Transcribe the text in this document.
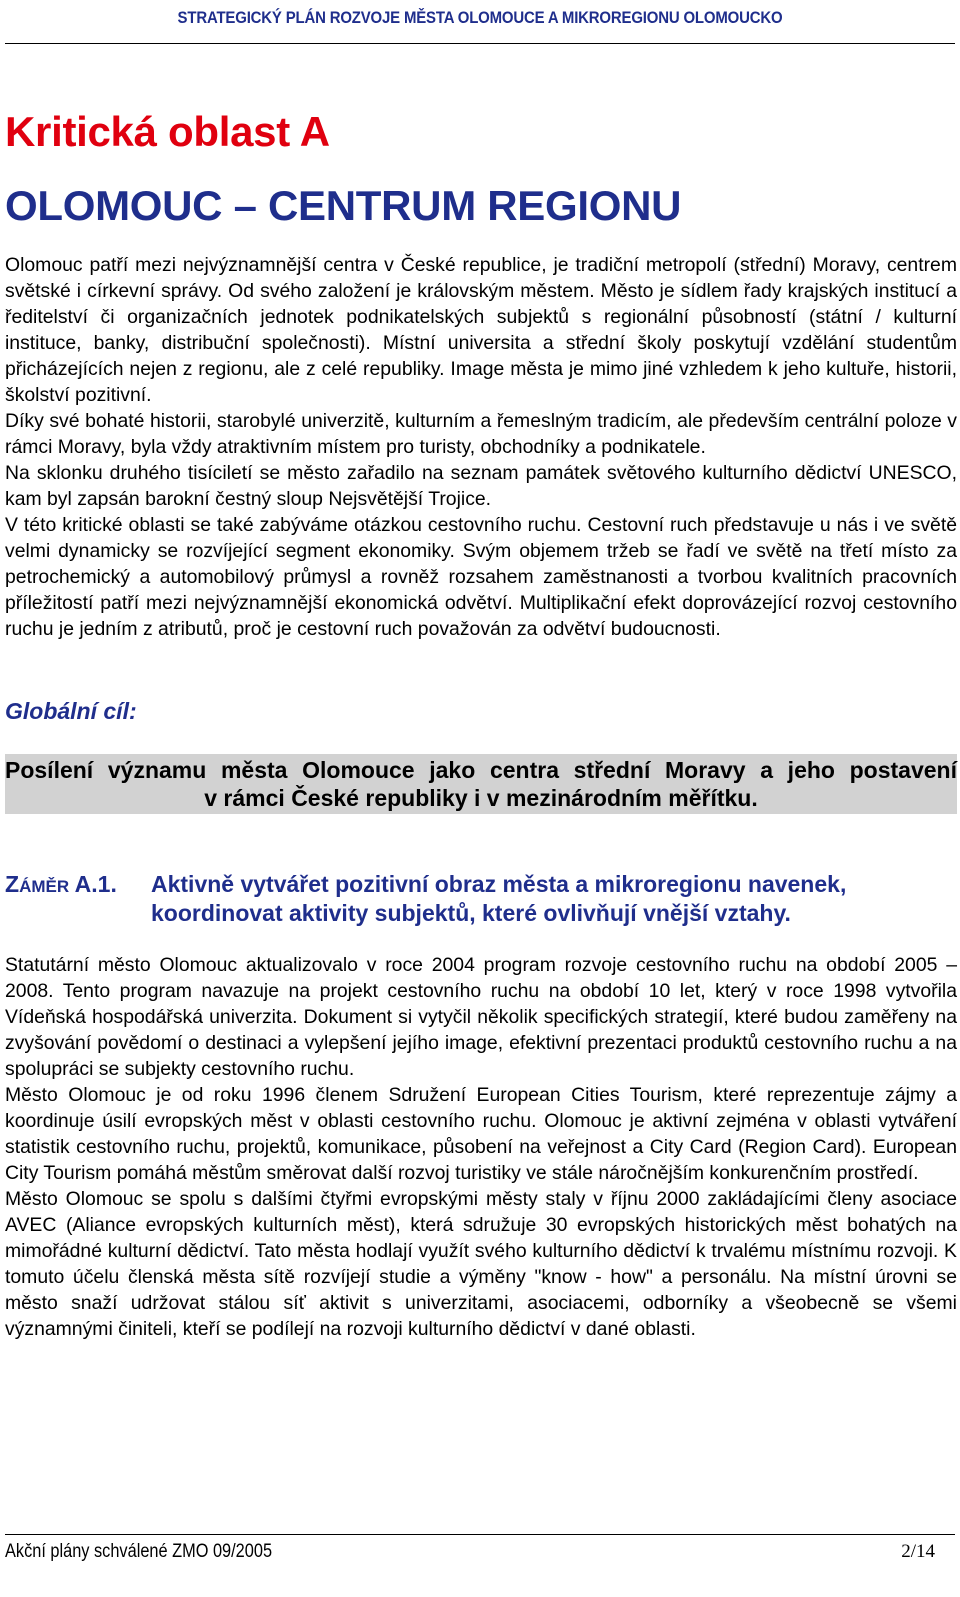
STRATEGICKÝ PLÁN ROZVOJE MĚSTA OLOMOUCE A MIKROREGIONU OLOMOUCKO
Kritická oblast A
OLOMOUC – CENTRUM REGIONU
Olomouc patří mezi nejvýznamnější centra v České republice, je tradiční metropolí (střední) Moravy, centrem světské i církevní správy. Od svého založení je královským městem. Město je sídlem řady krajských institucí a ředitelství či organizačních jednotek podnikatelských subjektů s regionální působností (státní / kulturní instituce, banky, distribuční společnosti). Místní universita a střední školy poskytují vzdělání studentům přicházejících nejen z regionu, ale z celé republiky. Image města je mimo jiné vzhledem k jeho kultuře, historii, školství pozitivní.
Díky své bohaté historii, starobylé univerzitě, kulturním a řemeslným tradicím, ale především centrální poloze v rámci Moravy, byla vždy atraktivním místem pro turisty, obchodníky a podnikatele.
Na sklonku druhého tisíciletí se město zařadilo na seznam památek světového kulturního dědictví UNESCO, kam byl zapsán barokní čestný sloup Nejsvětější Trojice.
V této kritické oblasti se také zabýváme otázkou cestovního ruchu. Cestovní ruch představuje u nás i ve světě velmi dynamicky se rozvíjející segment ekonomiky. Svým objemem tržeb se řadí ve světě na třetí místo za petrochemický a automobilový průmysl a rovněž rozsahem zaměstnanosti a tvorbou kvalitních pracovních příležitostí patří mezi nejvýznamnější ekonomická odvětví. Multiplikační efekt doprovázející rozvoj cestovního ruchu je jedním z atributů, proč je cestovní ruch považován za odvětví budoucnosti.
Globální cíl:
Posílení významu města Olomouce jako centra střední Moravy a jeho postavení
v rámci České republiky i v mezinárodním měřítku.
ZÁMĚR A.1.	Aktivně vytvářet pozitivní obraz města a mikroregionu navenek, koordinovat aktivity subjektů, které ovlivňují vnější vztahy.
Statutární město Olomouc aktualizovalo v roce 2004 program rozvoje cestovního ruchu na období 2005 – 2008. Tento program navazuje na projekt cestovního ruchu na období 10 let, který v roce 1998 vytvořila Vídeňská hospodářská univerzita. Dokument si vytyčil několik specifických strategií, které budou zaměřeny na zvyšování povědomí o destinaci a vylepšení jejího image, efektivní prezentaci produktů cestovního ruchu a na spolupráci se subjekty cestovního ruchu.
Město Olomouc je od roku 1996 členem Sdružení European Cities Tourism, které reprezentuje zájmy a koordinuje úsilí evropských měst v oblasti cestovního ruchu. Olomouc je aktivní zejména v oblasti vytváření statistik cestovního ruchu, projektů, komunikace, působení na veřejnost a City Card (Region Card). European City Tourism pomáhá městům směrovat další rozvoj turistiky ve stále náročnějším konkurenčním prostředí.
Město Olomouc se spolu s dalšími čtyřmi evropskými městy staly v říjnu 2000 zakládajícími členy asociace AVEC (Aliance evropských kulturních měst), která sdružuje 30 evropských historických měst bohatých na mimořádné kulturní dědictví. Tato města hodlají využít svého kulturního dědictví k trvalému místnímu rozvoji. K tomuto účelu členská města sítě rozvíjejí studie a výměny "know - how" a personálu. Na místní úrovni se město snaží udržovat stálou síť aktivit s univerzitami, asociacemi, odborníky a všeobecně se všemi významnými činiteli, kteří se podílejí na rozvoji kulturního dědictví v dané oblasti.
Akční plány schválené ZMO 09/2005	2/14
